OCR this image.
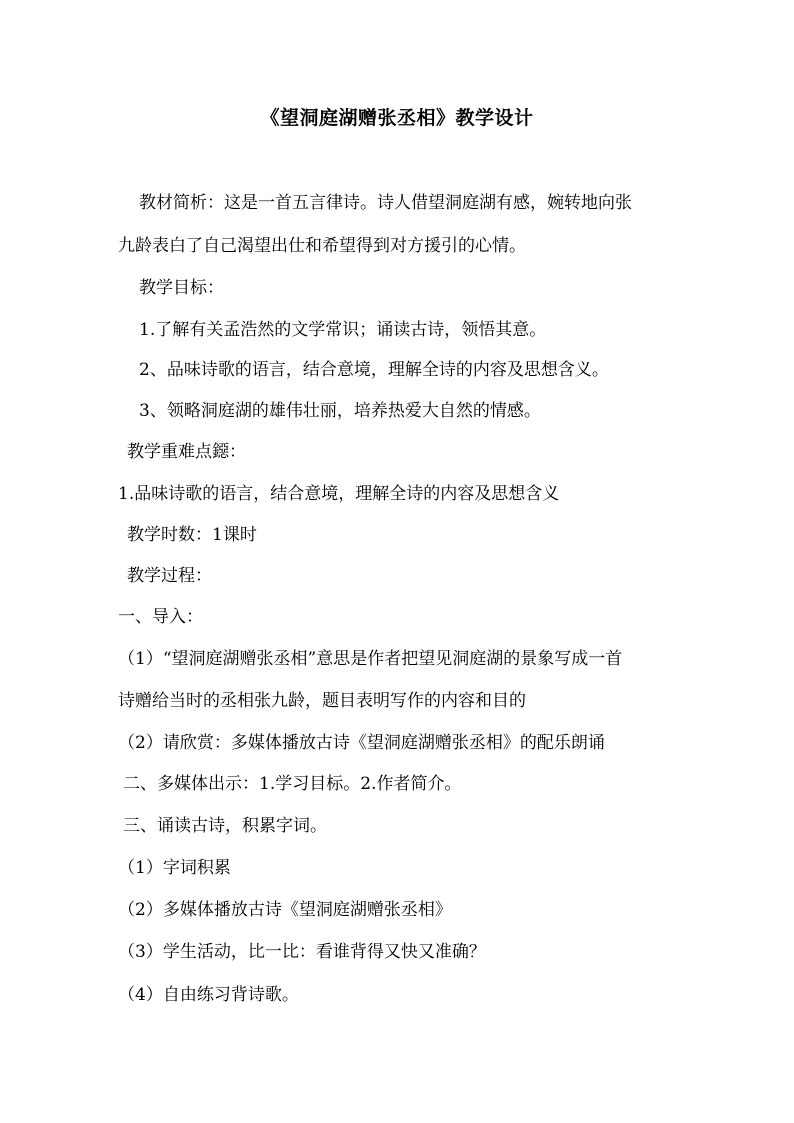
《望洞庭湖赠张丞相》教学设计
教材简析：这是一首五言律诗。诗人借望洞庭湖有感，婉转地向张
九龄表白了自己渴望出仕和希望得到对方援引的心情。
教学目标：
1.了解有关孟浩然的文学常识；诵读古诗，领悟其意。
2、品味诗歌的语言，结合意境，理解全诗的内容及思想含义。
3、领略洞庭湖的雄伟壮丽，培养热爱大自然的情感。
教学重难点鐚：
1.品味诗歌的语言，结合意境，理解全诗的内容及思想含义
教学时数：1课时
教学过程：
一、导入：
（1）“望洞庭湖赠张丞相”意思是作者把望见洞庭湖的景象写成一首
诗赠给当时的丞相张九龄，题目表明写作的内容和目的
（2）请欣赏：多媒体播放古诗《望洞庭湖赠张丞相》的配乐朗诵
二、多媒体出示：1.学习目标。2.作者简介。
三、诵读古诗，积累字词。
（1）字词积累
（2）多媒体播放古诗《望洞庭湖赠张丞相》
（3）学生活动，比一比：看谁背得又快又准确？
（4）自由练习背诗歌。
